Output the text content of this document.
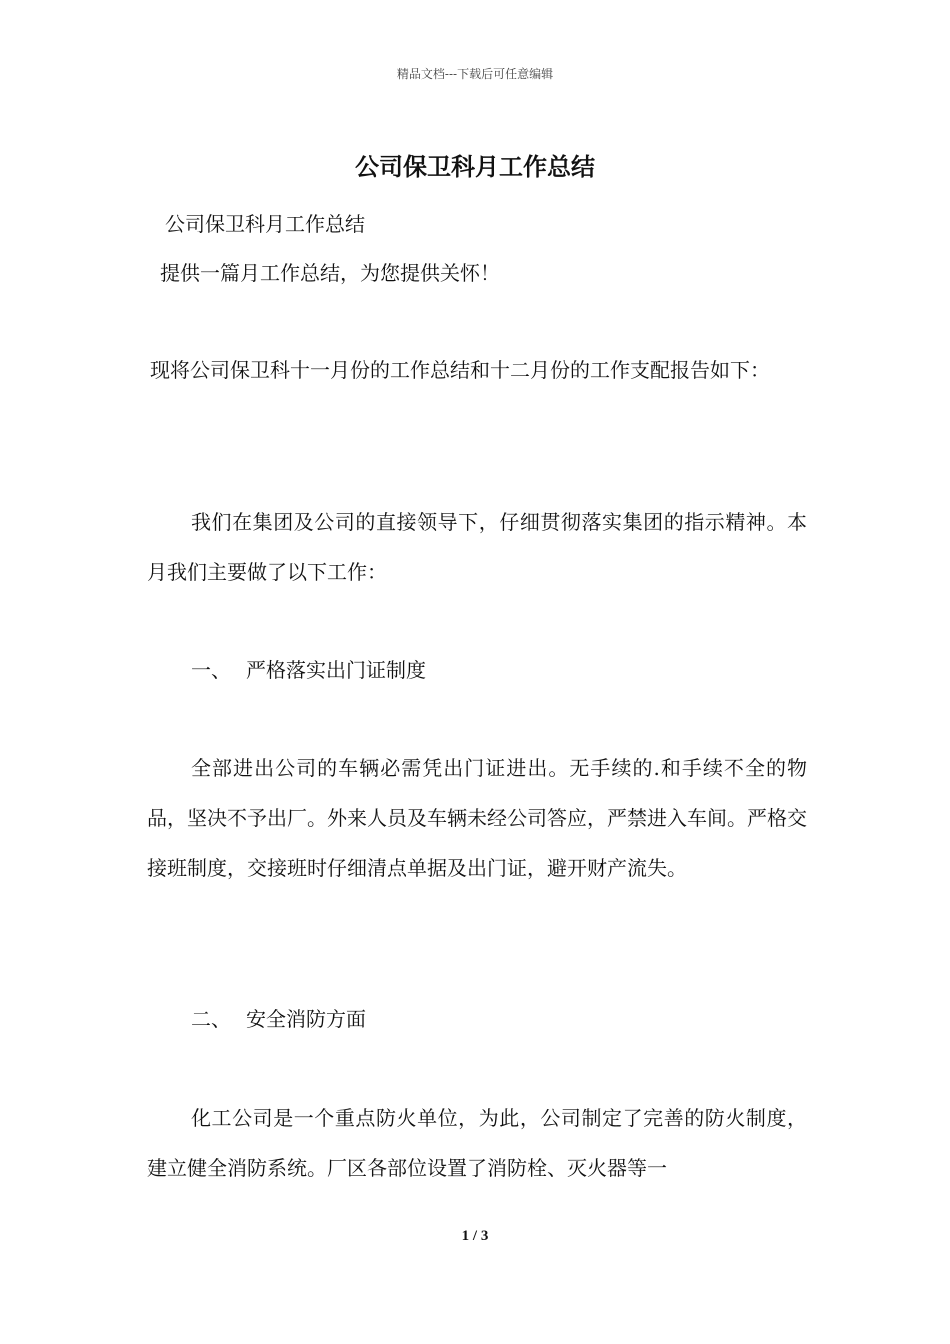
精品文档---下载后可任意编辑
公司保卫科月工作总结
公司保卫科月工作总结
提供一篇月工作总结，为您提供关怀！

现将公司保卫科十一月份的工作总结和十二月份的工作支配报告如下：

我们在集团及公司的直接领导下，仔细贯彻落实集团的指示精神。本月我们主要做了以下工作：

一、 严格落实出门证制度

全部进出公司的车辆必需凭出门证进出。无手续的.和手续不全的物品，坚决不予出厂。外来人员及车辆未经公司答应，严禁进入车间。严格交接班制度，交接班时仔细清点单据及出门证，避开财产流失。

二、 安全消防方面

化工公司是一个重点防火单位，为此，公司制定了完善的防火制度，建立健全消防系统。厂区各部位设置了消防栓、灭火器等一

1 / 3
